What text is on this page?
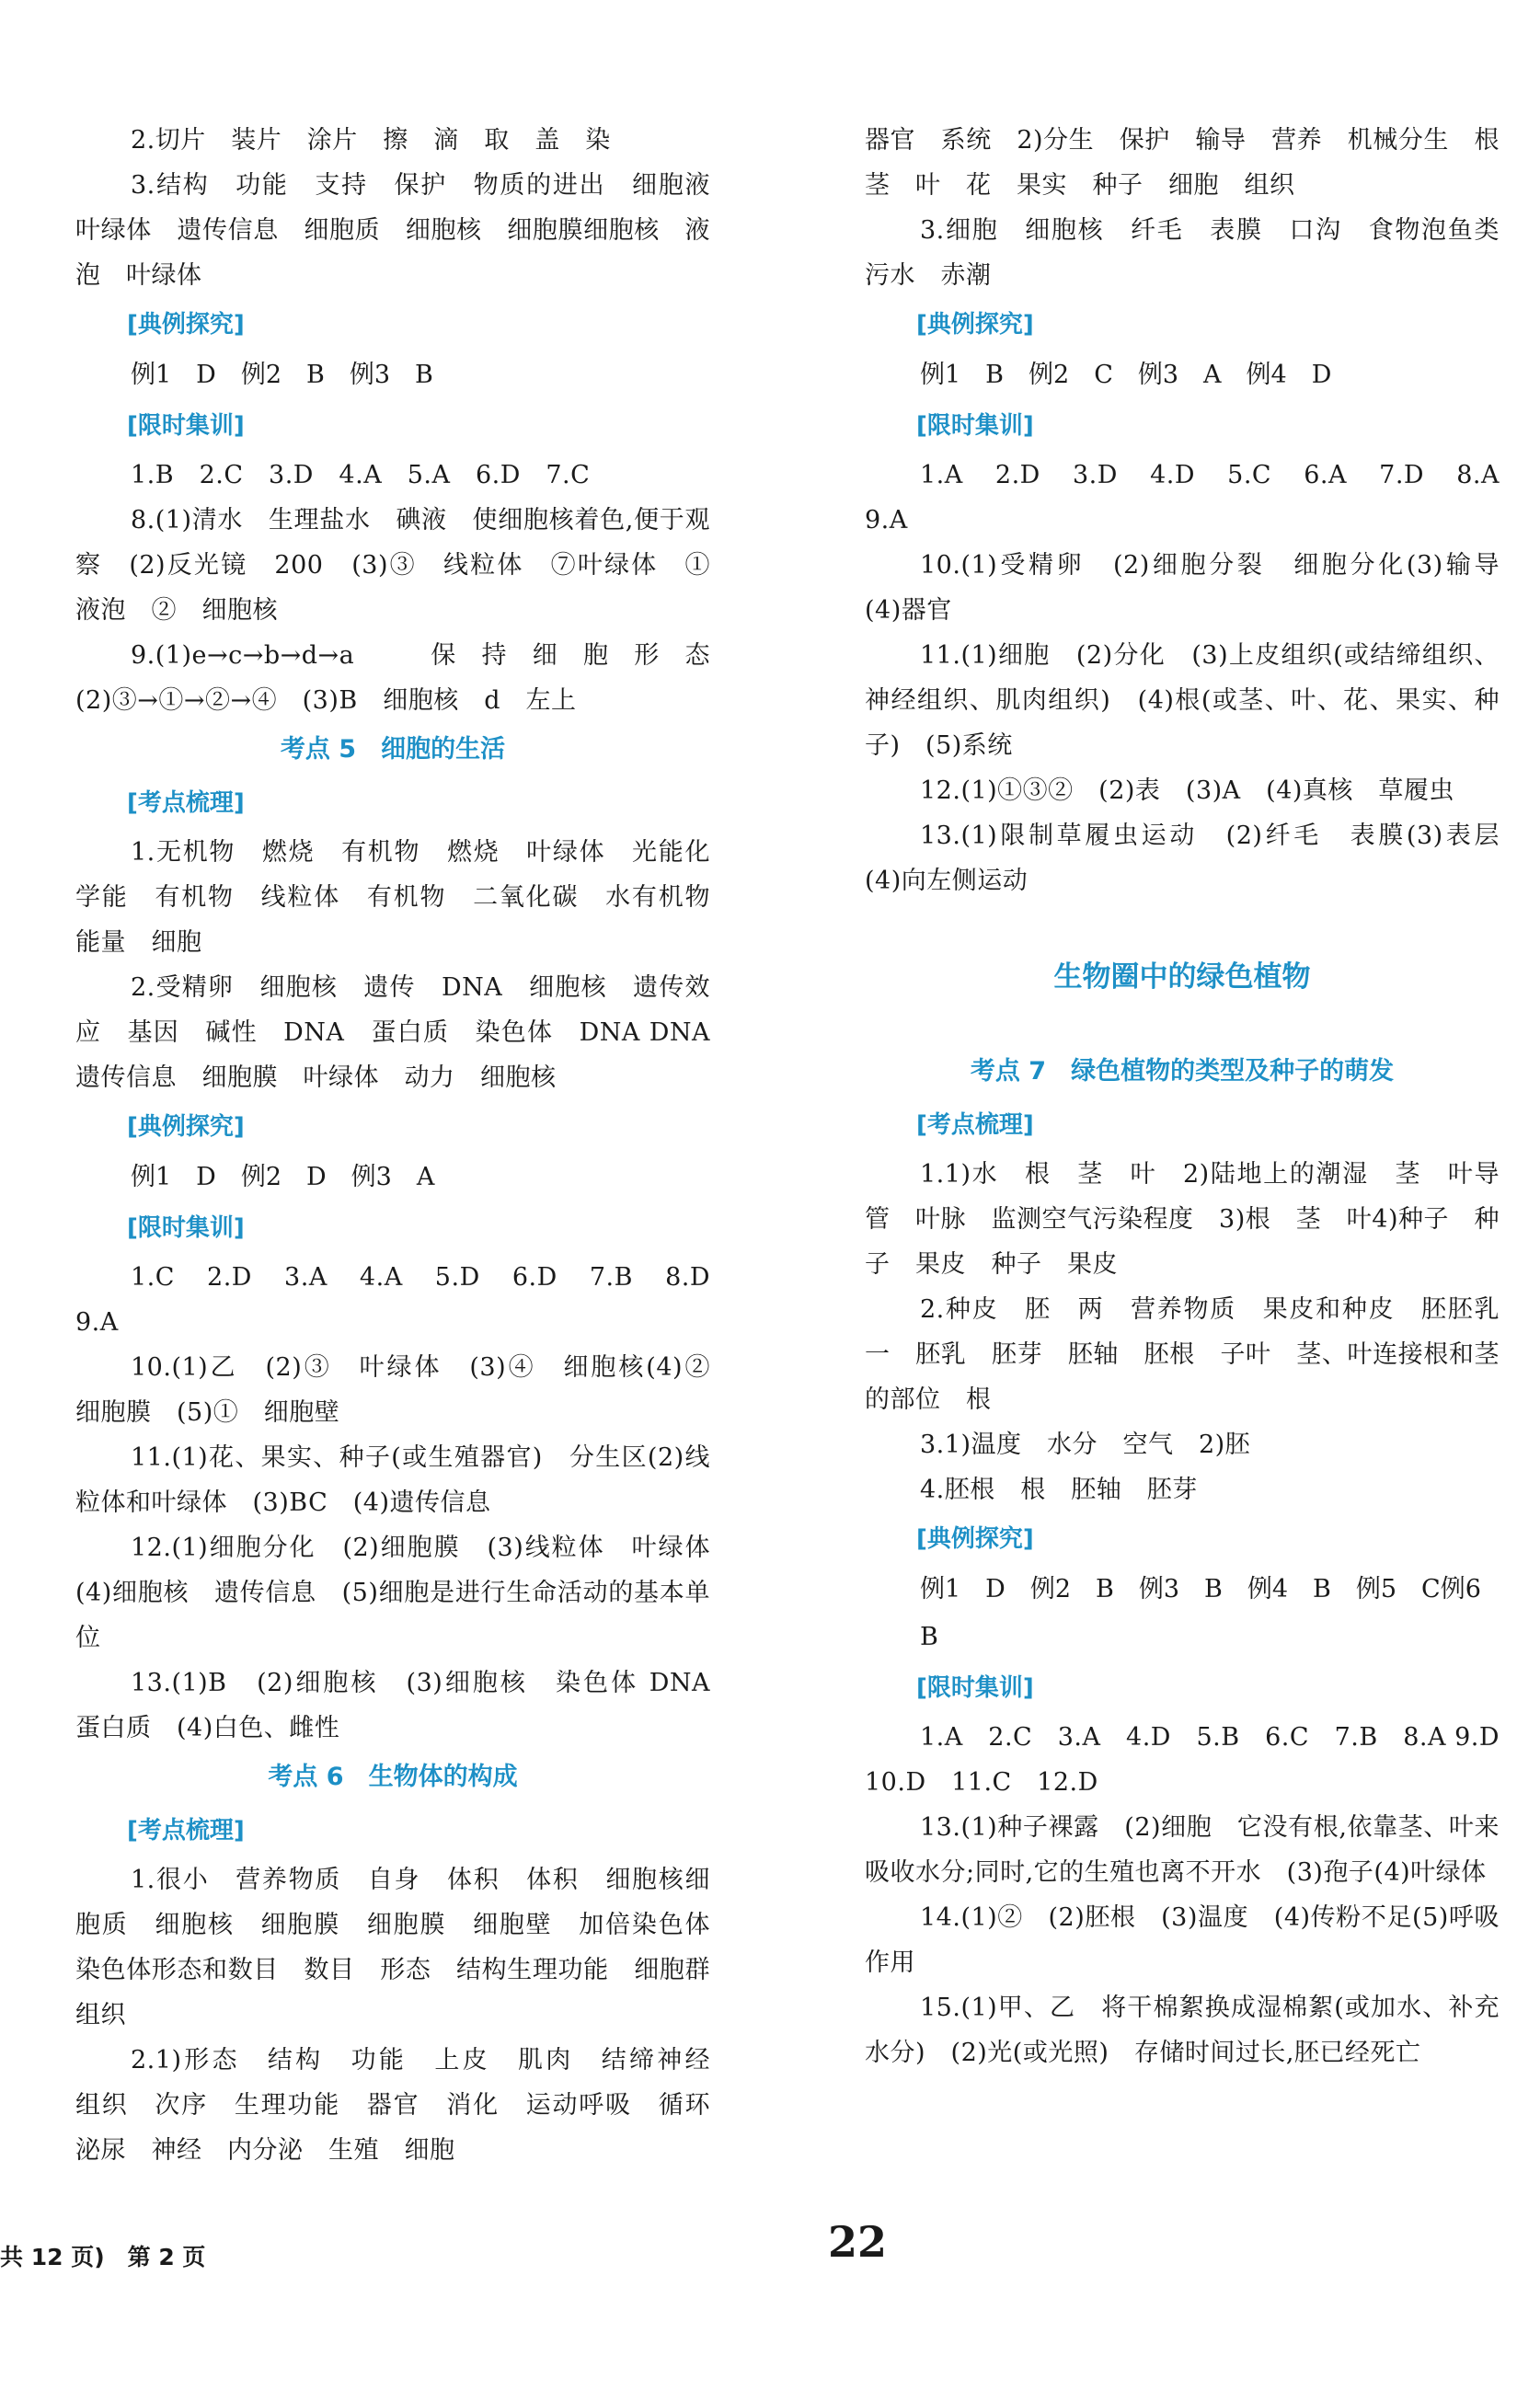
2.切片　装片　涂片　擦　滴　取　盖　染

3.结构　功能　支持　保护　物质的进出　细胞液叶绿体　遗传信息　细胞质　细胞核　细胞膜细胞核　液泡　叶绿体

[典例探究]
例1　D　例2　B　例3　B
[限时集训]

1.B　2.C　3.D　4.A　5.A　6.D　7.C

8.(1)清水　生理盐水　碘液　使细胞核着色,便于观察　(2)反光镜　200　(3)③　线粒体　⑦叶绿体　①　液泡　②　细胞核

9.(1)e→c→b→d→a　保持细胞形态　(2)③→①→②→④　(3)B　细胞核　d　左上

考点 5　细胞的生活
[考点梳理]

1.无机物　燃烧　有机物　燃烧　叶绿体　光能化学能　有机物　线粒体　有机物　二氧化碳　水有机物　能量　细胞

2.受精卵　细胞核　遗传　DNA　细胞核　遗传效应　基因　碱性　DNA　蛋白质　染色体　DNA DNA　遗传信息　细胞膜　叶绿体　动力　细胞核

[典例探究]
例1　D　例2　D　例3　A
[限时集训]

1.C　2.D　3.A　4.A　5.D　6.D　7.B　8.D 9.A

10.(1)乙　(2)③　叶绿体　(3)④　细胞核(4)②　细胞膜　(5)①　细胞壁

11.(1)花、果实、种子(或生殖器官)　分生区(2)线粒体和叶绿体　(3)BC　(4)遗传信息

12.(1)细胞分化　(2)细胞膜　(3)线粒体　叶绿体(4)细胞核　遗传信息　(5)细胞是进行生命活动的基本单位

13.(1)B　(2)细胞核　(3)细胞核　染色体 DNA　蛋白质　(4)白色、雌性

考点 6　生物体的构成
[考点梳理]

1.很小　营养物质　自身　体积　体积　细胞核细胞质　细胞核　细胞膜　细胞膜　细胞壁　加倍染色体　染色体形态和数目　数目　形态　结构生理功能　细胞群　组织

2.1)形态　结构　功能　上皮　肌肉　结缔神经　组织　次序　生理功能　器官　消化　运动呼吸　循环　泌尿　神经　内分泌　生殖　细胞

器官　系统　2)分生　保护　输导　营养　机械分生　根　茎　叶　花　果实　种子　细胞　组织

3.细胞　细胞核　纤毛　表膜　口沟　食物泡鱼类　污水　赤潮

[典例探究]
例1　B　例2　C　例3　A　例4　D
[限时集训]

1.A　2.D　3.D　4.D　5.C　6.A　7.D　8.A 9.A

10.(1)受精卵　(2)细胞分裂　细胞分化(3)输导　(4)器官

11.(1)细胞　(2)分化　(3)上皮组织(或结缔组织、神经组织、肌肉组织)　(4)根(或茎、叶、花、果实、种子)　(5)系统

12.(1)①③②　(2)表　(3)A　(4)真核　草履虫

13.(1)限制草履虫运动　(2)纤毛　表膜(3)表层　(4)向左侧运动

生物圈中的绿色植物
考点 7　绿色植物的类型及种子的萌发
[考点梳理]

1.1)水　根　茎　叶　2)陆地上的潮湿　茎　叶导管　叶脉　监测空气污染程度　3)根　茎　叶4)种子　种子　果皮　种子　果皮

2.种皮　胚　两　营养物质　果皮和种皮　胚胚乳　一　胚乳　胚芽　胚轴　胚根　子叶　茎、叶连接根和茎的部位　根

3.1)温度　水分　空气　2)胚

4.胚根　根　胚轴　胚芽

[典例探究]
例1　D　例2　B　例3　B　例4　B　例5　C例6　B
[限时集训]

1.A　2.C　3.A　4.D　5.B　6.C　7.B　8.A 9.D　10.D　11.C　12.D

13.(1)种子裸露　(2)细胞　它没有根,依靠茎、叶来吸收水分;同时,它的生殖也离不开水　(3)孢子(4)叶绿体

14.(1)②　(2)胚根　(3)温度　(4)传粉不足(5)呼吸作用

15.(1)甲、乙　将干棉絮换成湿棉絮(或加水、补充水分)　(2)光(或光照)　存储时间过长,胚已经死亡

共 12 页)　第 2 页	22
